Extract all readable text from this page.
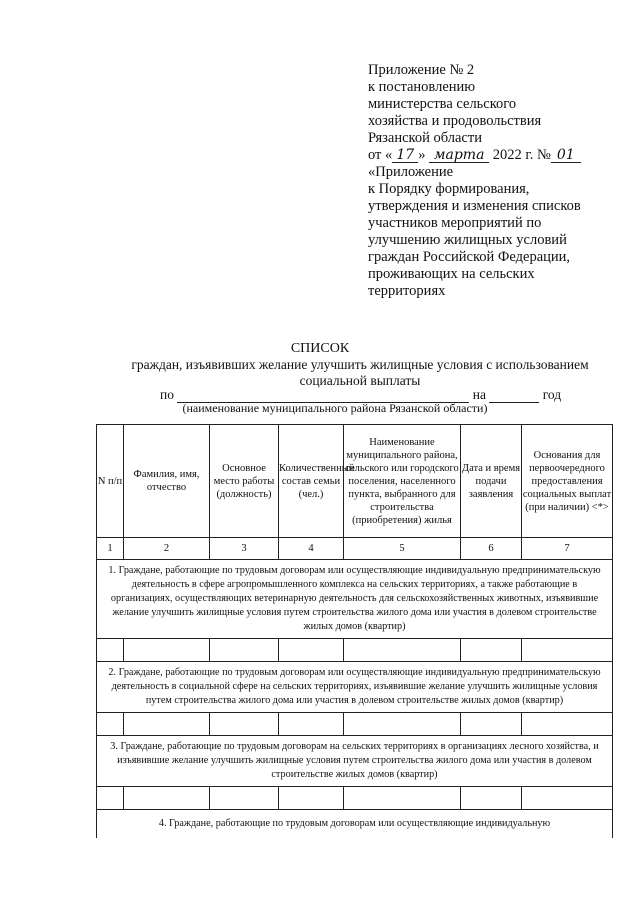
Приложение № 2
к постановлению
министерства сельского
хозяйства и продовольствия
Рязанской области
от « 17 » марта 2022 г. № 01
«Приложение
к Порядку формирования,
утверждения и изменения списков
участников мероприятий по
улучшению жилищных условий
граждан Российской Федерации,
проживающих на сельских
территориях
СПИСОК
граждан, изъявивших желание улучшить жилищные условия с использованием
социальной выплаты
по	на	год
(наименование муниципального района Рязанской области)
N п/п	Фамилия, имя, отчество	Основное место работы (должность)	Количественный состав семьи (чел.)	Наименование муниципального района, сельского или городского поселения, населенного пункта, выбранного для строительства (приобретения) жилья	Дата и время подачи заявления	Основания для первоочередного предоставления социальных выплат (при наличии) <*>
1	2	3	4	5	6	7
1. Граждане, работающие по трудовым договорам или осуществляющие индивидуальную предпринимательскую деятельность в сфере агропромышленного комплекса на сельских территориях, а также работающие в организациях, осуществляющих ветеринарную деятельность для сельскохозяйственных животных, изъявившие желание улучшить жилищные условия путем строительства жилого дома или участия в долевом строительстве жилых домов (квартир)						

2. Граждане, работающие по трудовым договорам или осуществляющие индивидуальную предпринимательскую деятельность в социальной сфере на сельских территориях, изъявившие желание улучшить жилищные условия путем строительства жилого дома или участия в долевом строительстве жилых домов (квартир)						

3. Граждане, работающие по трудовым договорам на сельских территориях в организациях лесного хозяйства, и изъявившие желание улучшить жилищные условия путем строительства жилого дома или участия в долевом строительстве жилых домов (квартир)						

4. Граждане, работающие по трудовым договорам или осуществляющие индивидуальную						
